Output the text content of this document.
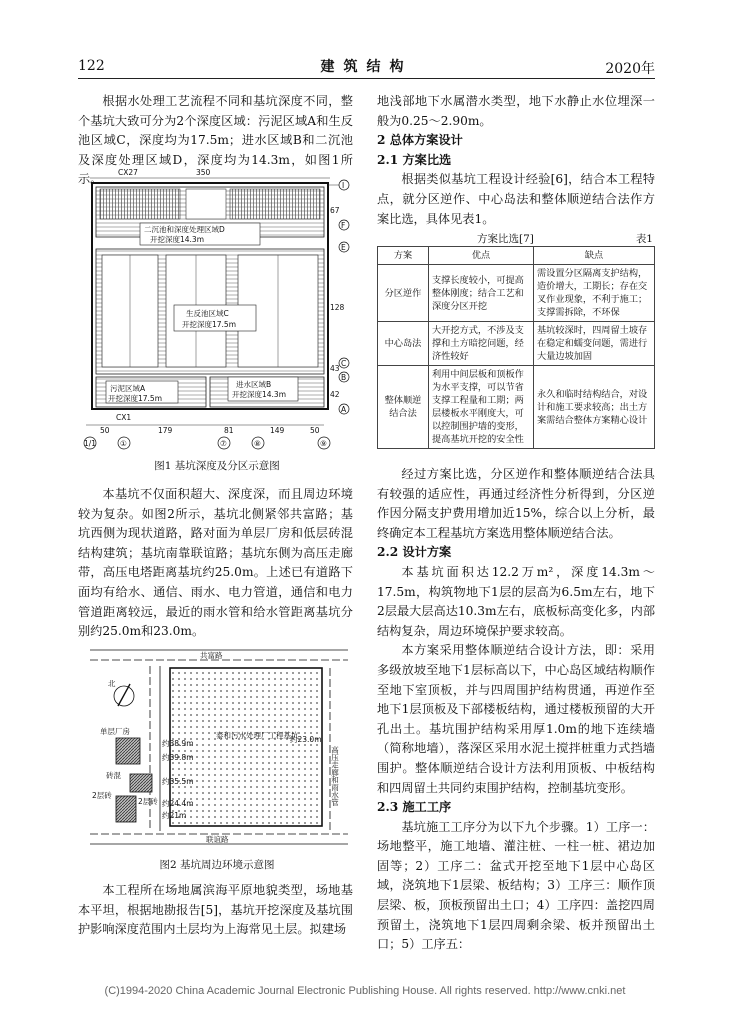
122	建筑结构	2020年

根据水处理工艺流程不同和基坑深度不同，整个基坑大致可分为2个深度区域：污泥区域A和生反池区域C，深度均为17.5m；进水区域B和二沉池及深度处理区域D，深度均为14.3m，如图1所示。	CX27	350
二沉池和深度处理区域D
开挖深度14.3m
生反池区域C
开挖深度17.5m
污泥区域A
开挖深度17.5m
进水区域B
开挖深度14.3m
I
F
E
C
B
A
67
128
43
42
CX1
50	179	81	149	50
1/1	①	⑦	⑧	⑨
图1 基坑深度及分区示意图

本基坑不仅面积超大、深度深，而且周边环境较为复杂。如图2所示，基坑北侧紧邻共富路；基坑西侧为现状道路，路对面为单层厂房和低层砖混结构建筑；基坑南靠联谊路；基坑东侧为高压走廊带，高压电塔距离基坑约25.0m。上述已有道路下面均有给水、通信、雨水、电力管道，通信和电力管道距离较远，最近的雨水管和给水管距离基坑分别约25.0m和23.0m。

共富路
北
泰和污水处理厂工程基坑
单层厂房
砖混
2层砖
2层砖
约38.9m
约39.8m
约35.5m
约24.4m
约21m
约23.0m
高压走廊和雨水管
联谊路
图2 基坑周边环境示意图

本工程所在场地属滨海平原地貌类型，场地基本平坦，根据地勘报告[5]，基坑开挖深度及基坑围护影响深度范围内土层均为上海常见土层。拟建场

地浅部地下水属潜水类型，地下水静止水位埋深一般为0.25～2.90m。

2 总体方案设计

2.1 方案比选

根据类似基坑工程设计经验[6]，结合本工程特点，就分区逆作、中心岛法和整体顺逆结合法作方案比选，具体见表1。

方案比选[7]	表1
方案	优点	缺点
分区逆作	支撑长度较小，可提高整体刚度；结合工艺和深度分区开挖	需设置分区隔离支护结构，造价增大，工期长；存在交叉作业现象，不利于施工；支撑需拆除，不环保
中心岛法	大开挖方式，不涉及支撑和土方暗挖问题，经济性较好	基坑较深时，四周留土坡存在稳定和蠕变问题，需进行大量边坡加固
整体顺逆结合法	利用中间层板和顶板作为水平支撑，可以节省支撑工程量和工期；两层楼板水平刚度大，可以控制围护墙的变形，提高基坑开挖的安全性	永久和临时结构结合，对设计和施工要求较高；出土方案需结合整体方案精心设计

经过方案比选，分区逆作和整体顺逆结合法具有较强的适应性，再通过经济性分析得到，分区逆作因分隔支护费用增加近15%，综合以上分析，最终确定本工程基坑方案选用整体顺逆结合法。

2.2 设计方案

本基坑面积达12.2万m²，深度14.3m～17.5m，构筑物地下1层的层高为6.5m左右，地下2层最大层高达10.3m左右，底板标高变化多，内部结构复杂，周边环境保护要求较高。

本方案采用整体顺逆结合设计方法，即：采用多级放坡至地下1层标高以下，中心岛区域结构顺作至地下室顶板，并与四周围护结构贯通，再逆作至地下1层顶板及下部楼板结构，通过楼板预留的大开孔出土。基坑围护结构采用厚1.0m的地下连续墙（简称地墙），落深区采用水泥土搅拌桩重力式挡墙围护。整体顺逆结合设计方法利用顶板、中板结构和四周留土共同约束围护结构，控制基坑变形。

2.3 施工工序

基坑施工工序分为以下九个步骤。1）工序一：场地整平，施工地墙、灌注桩、一柱一桩、裙边加固等；2）工序二：盆式开挖至地下1层中心岛区域，浇筑地下1层梁、板结构；3）工序三：顺作顶层梁、板，顶板预留出土口；4）工序四：盖挖四周预留土，浇筑地下1层四周剩余梁、板并预留出土口；5）工序五：

(C)1994-2020 China Academic Journal Electronic Publishing House. All rights reserved. http://www.cnki.net
